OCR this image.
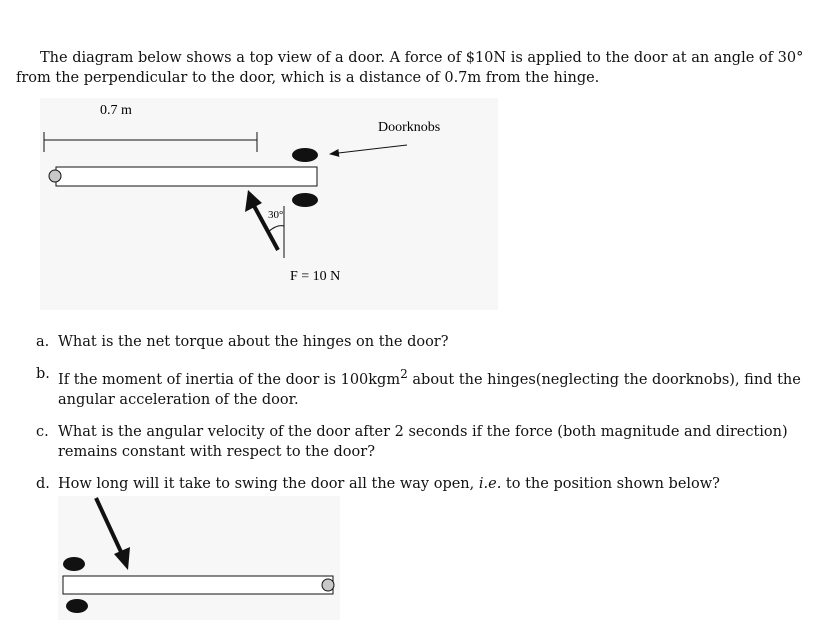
The diagram below shows a top view of a door. A force of $10N is applied to the door at an angle of 30° from the perpendicular to the door, which is a distance of 0.7m from the hinge.
0.7 m
Doorknobs
30°
F = 10 N
a. What is the net torque about the hinges on the door?
b. If the moment of inertia of the door is 100kgm$^2$ about the hinges(neglecting the doorknobs), find the angular acceleration of the door.
c. What is the angular velocity of the door after 2 seconds if the force (both magnitude and direction) remains constant with respect to the door?
d. How long will it take to swing the door all the way open, i.e. to the position shown below?
